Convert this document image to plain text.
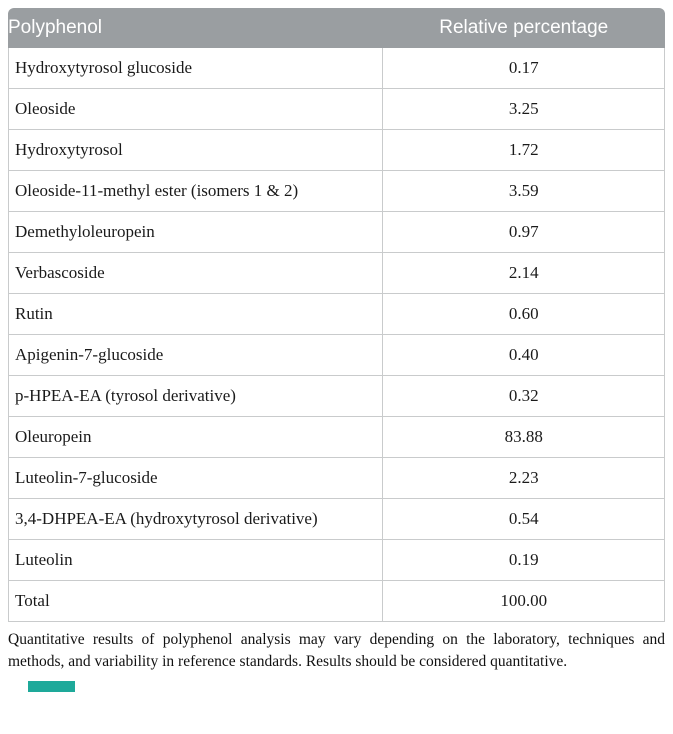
Polyphenol	Relative percentage
Hydroxytyrosol glucoside	0.17
Oleoside	3.25
Hydroxytyrosol	1.72
Oleoside-11-methyl ester (isomers 1 & 2)	3.59
Demethyloleuropein	0.97
Verbascoside	2.14
Rutin	0.60
Apigenin-7-glucoside	0.40
p-HPEA-EA (tyrosol derivative)	0.32
Oleuropein	83.88
Luteolin-7-glucoside	2.23
3,4-DHPEA-EA (hydroxytyrosol derivative)	0.54
Luteolin	0.19
Total	100.00

Quantitative results of polyphenol analysis may vary depending on the laboratory, techniques and methods, and variability in reference standards. Results should be considered quantitative.
